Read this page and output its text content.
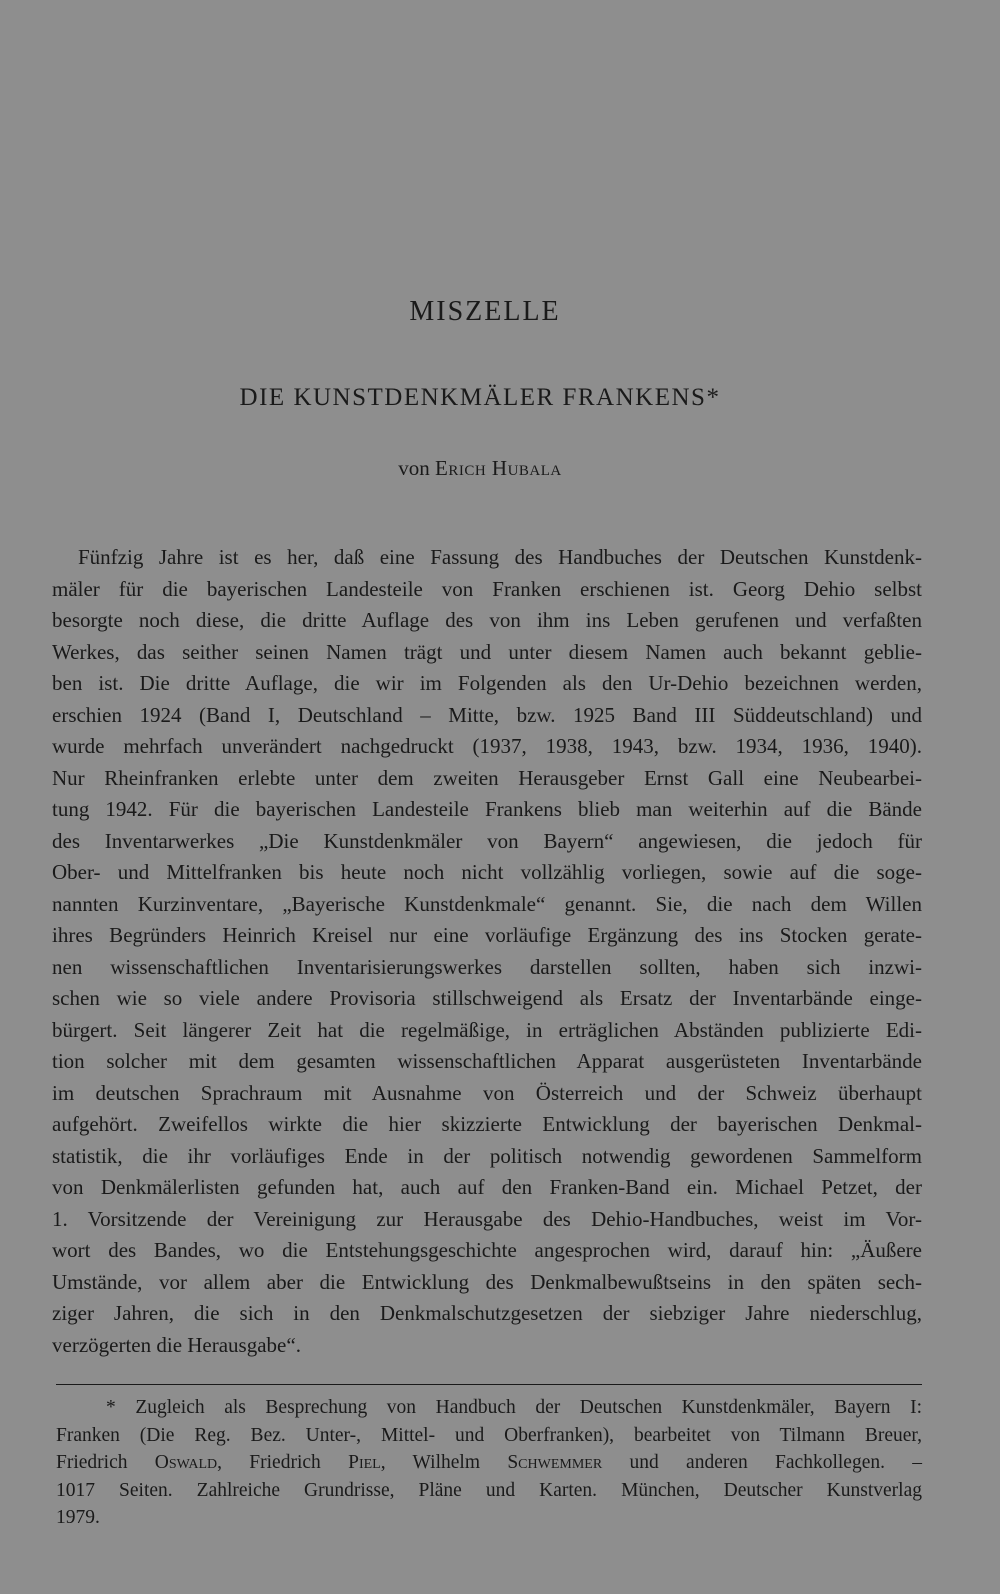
MISZELLE
DIE KUNSTDENKMÄLER FRANKENS*
von Erich Hubala
Fünfzig Jahre ist es her, daß eine Fassung des Handbuches der Deutschen Kunstdenk-
mäler für die bayerischen Landesteile von Franken erschienen ist. Georg Dehio selbst
besorgte noch diese, die dritte Auflage des von ihm ins Leben gerufenen und verfaßten
Werkes, das seither seinen Namen trägt und unter diesem Namen auch bekannt geblie-
ben ist. Die dritte Auflage, die wir im Folgenden als den Ur-Dehio bezeichnen werden,
erschien 1924 (Band I, Deutschland – Mitte, bzw. 1925 Band III Süddeutschland) und
wurde mehrfach unverändert nachgedruckt (1937, 1938, 1943, bzw. 1934, 1936, 1940).
Nur Rheinfranken erlebte unter dem zweiten Herausgeber Ernst Gall eine Neubearbei-
tung 1942. Für die bayerischen Landesteile Frankens blieb man weiterhin auf die Bände
des Inventarwerkes „Die Kunstdenkmäler von Bayern“ angewiesen, die jedoch für
Ober- und Mittelfranken bis heute noch nicht vollzählig vorliegen, sowie auf die soge-
nannten Kurzinventare, „Bayerische Kunstdenkmale“ genannt. Sie, die nach dem Willen
ihres Begründers Heinrich Kreisel nur eine vorläufige Ergänzung des ins Stocken gerate-
nen wissenschaftlichen Inventarisierungswerkes darstellen sollten, haben sich inzwi-
schen wie so viele andere Provisoria stillschweigend als Ersatz der Inventarbände einge-
bürgert. Seit längerer Zeit hat die regelmäßige, in erträglichen Abständen publizierte Edi-
tion solcher mit dem gesamten wissenschaftlichen Apparat ausgerüsteten Inventarbände
im deutschen Sprachraum mit Ausnahme von Österreich und der Schweiz überhaupt
aufgehört. Zweifellos wirkte die hier skizzierte Entwicklung der bayerischen Denkmal-
statistik, die ihr vorläufiges Ende in der politisch notwendig gewordenen Sammelform
von Denkmälerlisten gefunden hat, auch auf den Franken-Band ein. Michael Petzet, der
1. Vorsitzende der Vereinigung zur Herausgabe des Dehio-Handbuches, weist im Vor-
wort des Bandes, wo die Entstehungsgeschichte angesprochen wird, darauf hin: „Äußere
Umstände, vor allem aber die Entwicklung des Denkmalbewußtseins in den späten sech-
ziger Jahren, die sich in den Denkmalschutzgesetzen der siebziger Jahre niederschlug,
verzögerten die Herausgabe“.
* Zugleich als Besprechung von Handbuch der Deutschen Kunstdenkmäler, Bayern I:
Franken (Die Reg. Bez. Unter-, Mittel- und Oberfranken), bearbeitet von Tilmann Breuer,
Friedrich Oswald, Friedrich Piel, Wilhelm Schwemmer und anderen Fachkollegen. –
1017 Seiten. Zahlreiche Grundrisse, Pläne und Karten. München, Deutscher Kunstverlag
1979.
